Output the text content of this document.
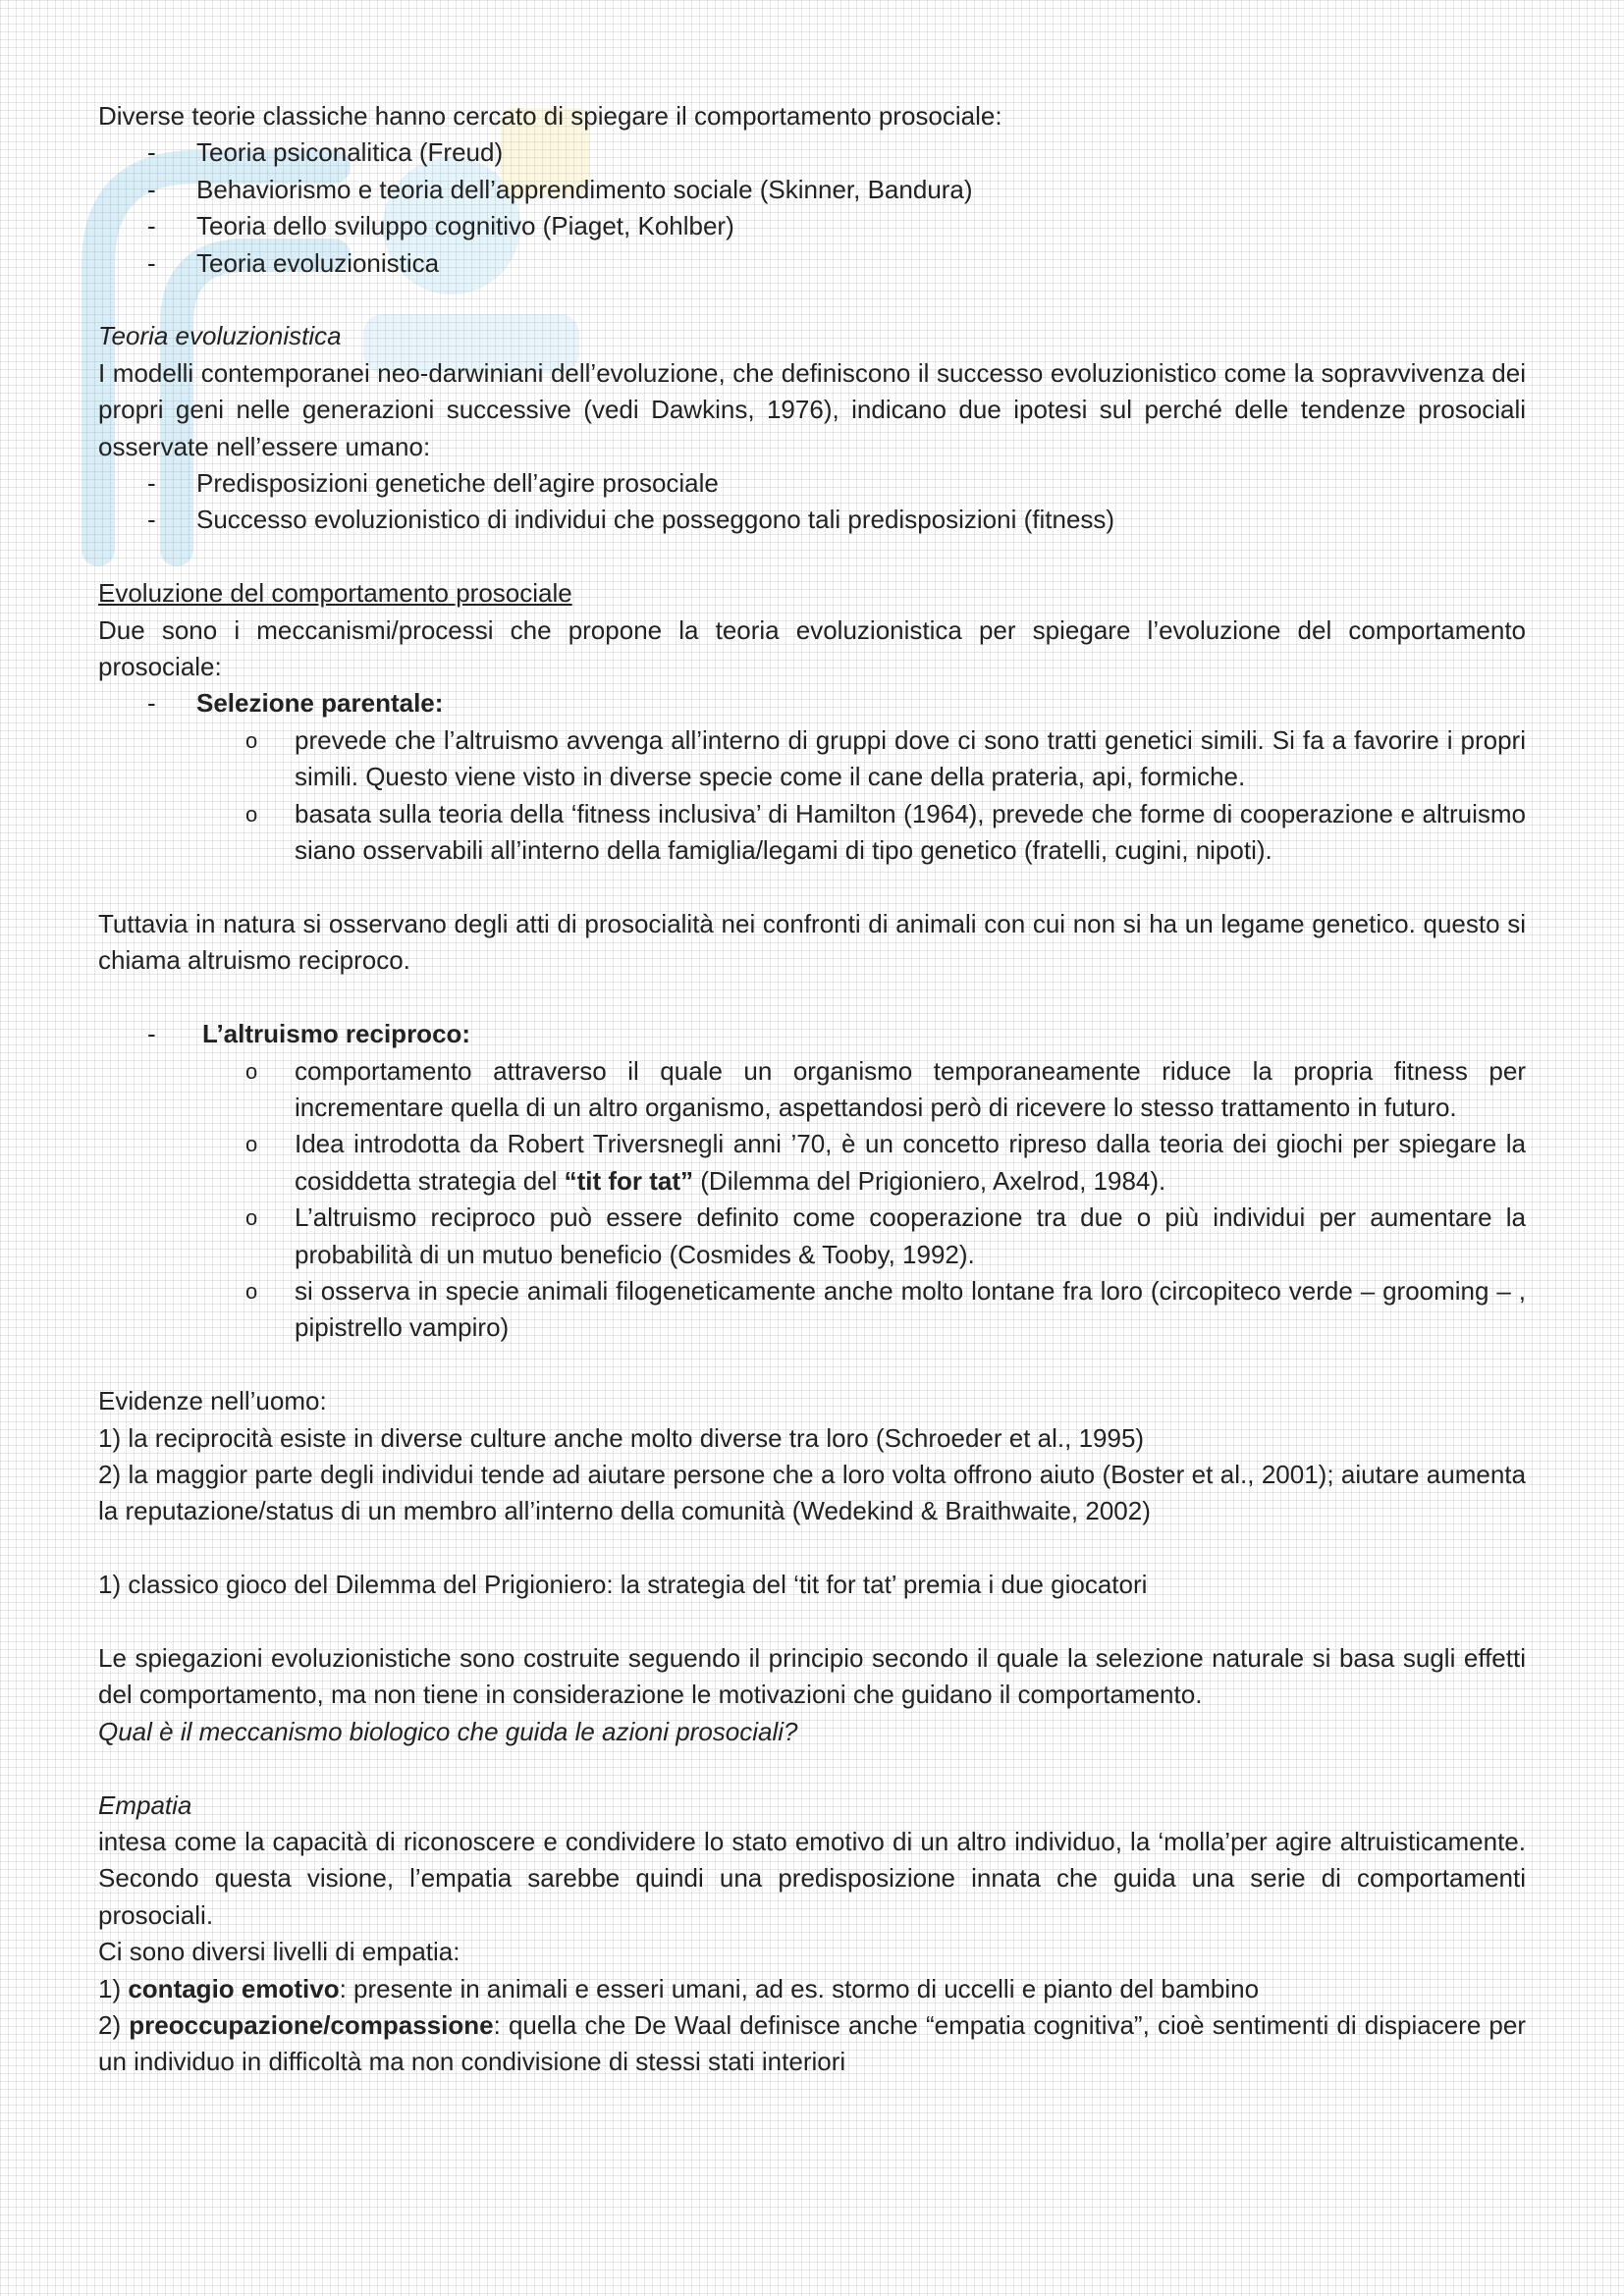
Diverse teorie classiche hanno cercato di spiegare il comportamento prosociale:

- Teoria psiconalitica (Freud)
- Behaviorismo e teoria dell’apprendimento sociale (Skinner, Bandura)
- Teoria dello sviluppo cognitivo (Piaget, Kohlber)
- Teoria evoluzionistica

Teoria evoluzionistica

I modelli contemporanei neo-darwiniani dell’evoluzione, che definiscono il successo evoluzionistico come la sopravvivenza dei propri geni nelle generazioni successive (vedi Dawkins, 1976), indicano due ipotesi sul perché delle tendenze prosociali osservate nell’essere umano:

- Predisposizioni genetiche dell’agire prosociale
- Successo evoluzionistico di individui che posseggono tali predisposizioni (fitness)

Evoluzione del comportamento prosociale

Due sono i meccanismi/processi che propone la teoria evoluzionistica per spiegare l’evoluzione del comportamento prosociale:

- Selezione parentale:
o prevede che l’altruismo avvenga all’interno di gruppi dove ci sono tratti genetici simili. Si fa a favorire i propri simili. Questo viene visto in diverse specie come il cane della prateria, api, formiche.
o basata sulla teoria della ‘fitness inclusiva’ di Hamilton (1964), prevede che forme di cooperazione e altruismo siano osservabili all’interno della famiglia/legami di tipo genetico (fratelli, cugini, nipoti).

Tuttavia in natura si osservano degli atti di prosocialità nei confronti di animali con cui non si ha un legame genetico. questo si chiama altruismo reciproco.

- L’altruismo reciproco:
o comportamento attraverso il quale un organismo temporaneamente riduce la propria fitness per incrementare quella di un altro organismo, aspettandosi però di ricevere lo stesso trattamento in futuro.
o Idea introdotta da Robert Triversnegli anni ’70, è un concetto ripreso dalla teoria dei giochi per spiegare la cosiddetta strategia del “tit for tat” (Dilemma del Prigioniero, Axelrod, 1984).
o L’altruismo reciproco può essere definito come cooperazione tra due o più individui per aumentare la probabilità di un mutuo beneficio (Cosmides & Tooby, 1992).
o si osserva in specie animali filogeneticamente anche molto lontane fra loro (circopiteco verde – grooming – , pipistrello vampiro)

Evidenze nell’uomo:

1) la reciprocità esiste in diverse culture anche molto diverse tra loro (Schroeder et al., 1995)

2) la maggior parte degli individui tende ad aiutare persone che a loro volta offrono aiuto (Boster et al., 2001); aiutare aumenta la reputazione/status di un membro all’interno della comunità (Wedekind & Braithwaite, 2002)

1) classico gioco del Dilemma del Prigioniero: la strategia del ‘tit for tat’ premia i due giocatori

Le spiegazioni evoluzionistiche sono costruite seguendo il principio secondo il quale la selezione naturale si basa sugli effetti del comportamento, ma non tiene in considerazione le motivazioni che guidano il comportamento.

Qual è il meccanismo biologico che guida le azioni prosociali?

Empatia

intesa come la capacità di riconoscere e condividere lo stato emotivo di un altro individuo, la ‘molla’per agire altruisticamente. Secondo questa visione, l’empatia sarebbe quindi una predisposizione innata che guida una serie di comportamenti prosociali.

Ci sono diversi livelli di empatia:

1) contagio emotivo: presente in animali e esseri umani, ad es. stormo di uccelli e pianto del bambino

2) preoccupazione/compassione: quella che De Waal definisce anche “empatia cognitiva”, cioè sentimenti di dispiacere per un individuo in difficoltà ma non condivisione di stessi stati interiori
